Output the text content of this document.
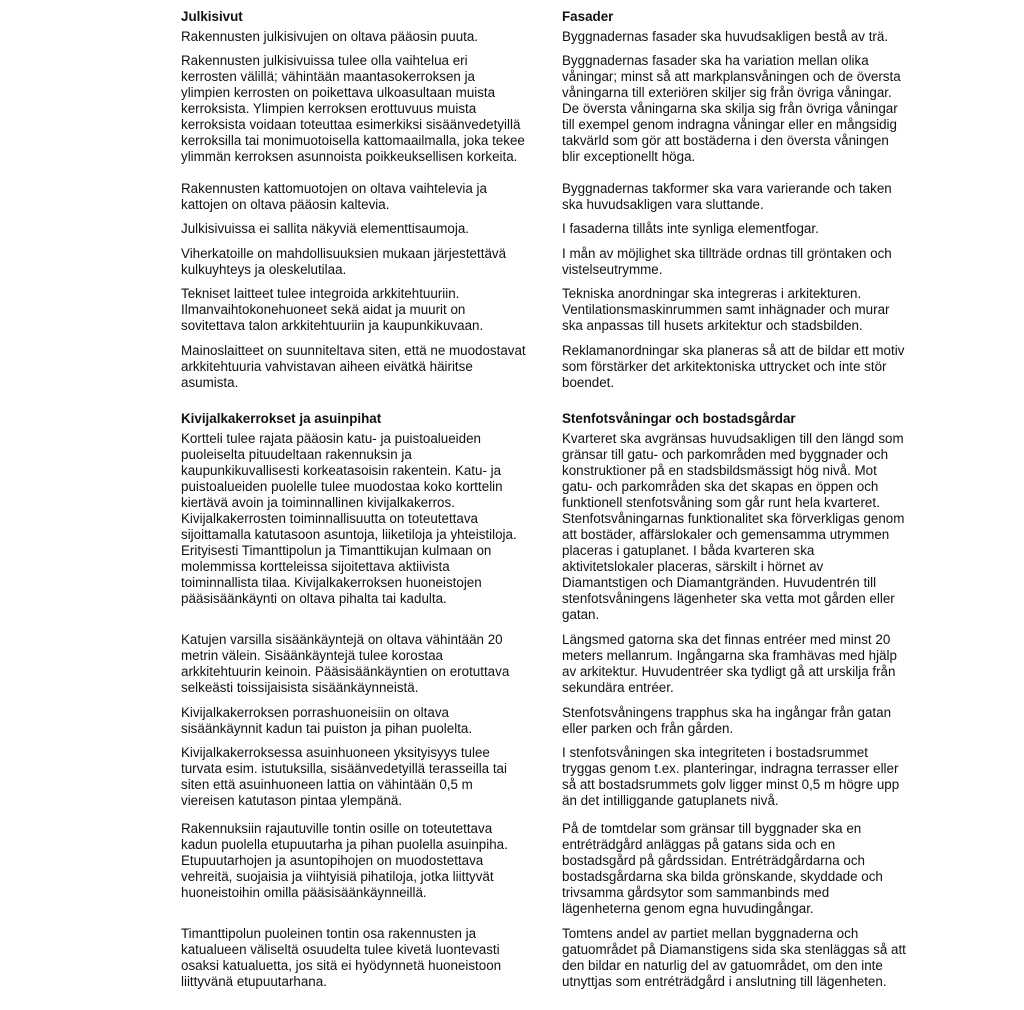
Julkisivut
Rakennusten julkisivujen on oltava pääosin puuta.
Rakennusten julkisivuissa tulee olla vaihtelua eri
kerrosten välillä; vähintään maantasokerroksen ja
ylimpien kerrosten on poikettava ulkoasultaan muista
kerroksista. Ylimpien kerroksen erottuvuus muista
kerroksista voidaan toteuttaa esimerkiksi sisäänvedetyillä
kerroksilla tai monimuotoisella kattomaailmalla, joka tekee
ylimmän kerroksen asunnoista poikkeuksellisen korkeita.
Rakennusten kattomuotojen on oltava vaihtelevia ja
kattojen on oltava pääosin kaltevia.
Julkisivuissa ei sallita näkyviä elementtisaumoja.
Viherkatoille on mahdollisuuksien mukaan järjestettävä
kulkuyhteys ja oleskelutilaa.
Tekniset laitteet tulee integroida arkkitehtuuriin.
Ilmanvaihtokonehuoneet sekä aidat ja muurit on
sovitettava talon arkkitehtuuriin ja kaupunkikuvaan.
Mainoslaitteet on suunniteltava siten, että ne muodostavat
arkkitehtuuria vahvistavan aiheen eivätkä häiritse
asumista.
Kivijalkakerrokset ja asuinpihat
Kortteli tulee rajata pääosin katu- ja puistoalueiden
puoleiselta pituudeltaan rakennuksin ja
kaupunkikuvallisesti korkeatasoisin rakentein. Katu- ja
puistoalueiden puolelle tulee muodostaa koko korttelin
kiertävä avoin ja toiminnallinen kivijalkakerros.
Kivijalkakerrosten toiminnallisuutta on toteutettava
sijoittamalla katutasoon asuntoja, liiketiloja ja yhteistiloja.
Erityisesti Timanttipolun ja Timanttikujan kulmaan on
molemmissa kortteleissa sijoitettava aktiivista
toiminnallista tilaa. Kivijalkakerroksen huoneistojen
pääsisäänkäynti on oltava pihalta tai kadulta.
Katujen varsilla sisäänkäyntejä on oltava vähintään 20
metrin välein. Sisäänkäyntejä tulee korostaa
arkkitehtuurin keinoin. Pääsisäänkäyntien on erotuttava
selkeästi toissijaisista sisäänkäynneistä.
Kivijalkakerroksen porrashuoneisiin on oltava
sisäänkäynnit kadun tai puiston ja pihan puolelta.
Kivijalkakerroksessa asuinhuoneen yksityisyys tulee
turvata esim. istutuksilla, sisäänvedetyillä terasseilla tai
siten että asuinhuoneen lattia on vähintään 0,5 m
viereisen katutason pintaa ylempänä.
Rakennuksiin rajautuville tontin osille on toteutettava
kadun puolella etupuutarha ja pihan puolella asuinpiha.
Etupuutarhojen ja asuntopihojen on muodostettava
vehreitä, suojaisia ja viihtyisiä pihatiloja, jotka liittyvät
huoneistoihin omilla pääsisäänkäynneillä.
Timanttipolun puoleinen tontin osa rakennusten ja
katualueen väliseltä osuudelta tulee kivetä luontevasti
osaksi katualuetta, jos sitä ei hyödynnetä huoneistoon
liittyvänä etupuutarhana.
Fasader
Byggnadernas fasader ska huvudsakligen bestå av trä.
Byggnadernas fasader ska ha variation mellan olika
våningar; minst så att markplansvåningen och de översta
våningarna till exteriören skiljer sig från övriga våningar.
De översta våningarna ska skilja sig från övriga våningar
till exempel genom indragna våningar eller en mångsidig
takvärld som gör att bostäderna i den översta våningen
blir exceptionellt höga.
Byggnadernas takformer ska vara varierande och taken
ska huvudsakligen vara sluttande.
I fasaderna tillåts inte synliga elementfogar.
I mån av möjlighet ska tillträde ordnas till gröntaken och
vistelseutrymme.
Tekniska anordningar ska integreras i arkitekturen.
Ventilationsmaskinrummen samt inhägnader och murar
ska anpassas till husets arkitektur och stadsbilden.
Reklamanordningar ska planeras så att de bildar ett motiv
som förstärker det arkitektoniska uttrycket och inte stör
boendet.
Stenfotsvåningar och bostadsgårdar
Kvarteret ska avgränsas huvudsakligen till den längd som
gränsar till gatu- och parkområden med byggnader och
konstruktioner på en stadsbildsmässigt hög nivå. Mot
gatu- och parkområden ska det skapas en öppen och
funktionell stenfotsvåning som går runt hela kvarteret.
Stenfotsvåningarnas funktionalitet ska förverkligas genom
att bostäder, affärslokaler och gemensamma utrymmen
placeras i gatuplanet. I båda kvarteren ska
aktivitetslokaler placeras, särskilt i hörnet av
Diamantstigen och Diamantgränden. Huvudentrén till
stenfotsvåningens lägenheter ska vetta mot gården eller
gatan.
Längsmed gatorna ska det finnas entréer med minst 20
meters mellanrum. Ingångarna ska framhävas med hjälp
av arkitektur. Huvudentréer ska tydligt gå att urskilja från
sekundära entréer.
Stenfotsvåningens trapphus ska ha ingångar från gatan
eller parken och från gården.
I stenfotsvåningen ska integriteten i bostadsrummet
tryggas genom t.ex. planteringar, indragna terrasser eller
så att bostadsrummets golv ligger minst 0,5 m högre upp
än det intilliggande gatuplanets nivå.
På de tomtdelar som gränsar till byggnader ska en
entréträdgård anläggas på gatans sida och en
bostadsgård på gårdssidan. Entréträdgårdarna och
bostadsgårdarna ska bilda grönskande, skyddade och
trivsamma gårdsytor som sammanbinds med
lägenheterna genom egna huvudingångar.
Tomtens andel av partiet mellan byggnaderna och
gatuområdet på Diamanstigens sida ska stenläggas så att
den bildar en naturlig del av gatuområdet, om den inte
utnyttjas som entréträdgård i anslutning till lägenheten.
